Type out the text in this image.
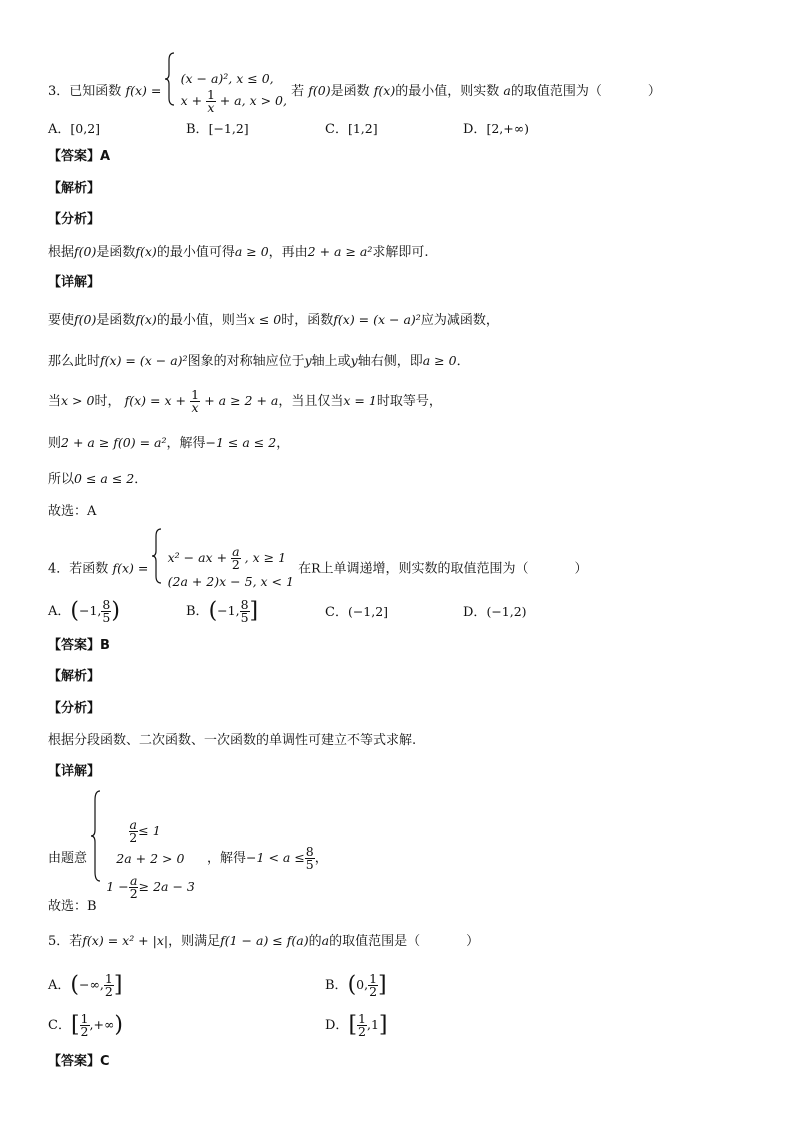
3．已知函数 f(x) =
(x − a)², x ≤ 0,
$x + \frac{1}{x} + a$, x > 0,
若 f(0)是函数 f(x)的最小值，则实数 a的取值范围为（	）
A．[0,2]	B．[−1,2]	C．[1,2]	D．[2,+∞)
【答案】A
【解析】
【分析】
根据f(0)是函数f(x)的最小值可得a ≥ 0，再由2 + a ≥ a²求解即可.
【详解】
要使f(0)是函数f(x)的最小值，则当x ≤ 0时，函数f(x) = (x − a)²应为减函数，
那么此时f(x) = (x − a)²图象的对称轴应位于y轴上或y轴右侧，即a ≥ 0．
当x > 0时， $f(x) = x + \frac{1}{x} + a \ge 2 + a$，当且仅当x = 1时取等号，
则2 + a ≥ f(0) = a²，解得−1 ≤ a ≤ 2，
所以0 ≤ a ≤ 2．
故选：A
4．若函数 f(x) =
x² − ax + $\frac{a}{2}$ , x ≥ 1
(2a + 2)x − 5, x < 1
在R上单调递增，则实数的取值范围为（	）
A．(−1, $\frac{8}{5}$ )	B．(−1, $\frac{8}{5}$ ]	C．(−1,2]	D．(−1,2)
【答案】B
【解析】
【分析】
根据分段函数、二次函数、一次函数的单调性可建立不等式求解.
【详解】
由题意
$\frac{a}{2} \le 1$
2a + 2 > 0
$1 - \frac{a}{2} \ge 2a - 3$
，解得$-1 < a \le \frac{8}{5}$ ，
故选：B
5．若f(x) = x² + |x|，则满足f(1 − a) ≤ f(a)的a的取值范围是（	）
A．(−∞, $\frac{1}{2}$ ]	B．(0, $\frac{1}{2}$ ]
C．[ $\frac{1}{2}$ ,+∞)	D．[ $\frac{1}{2} ,1$]
【答案】C
